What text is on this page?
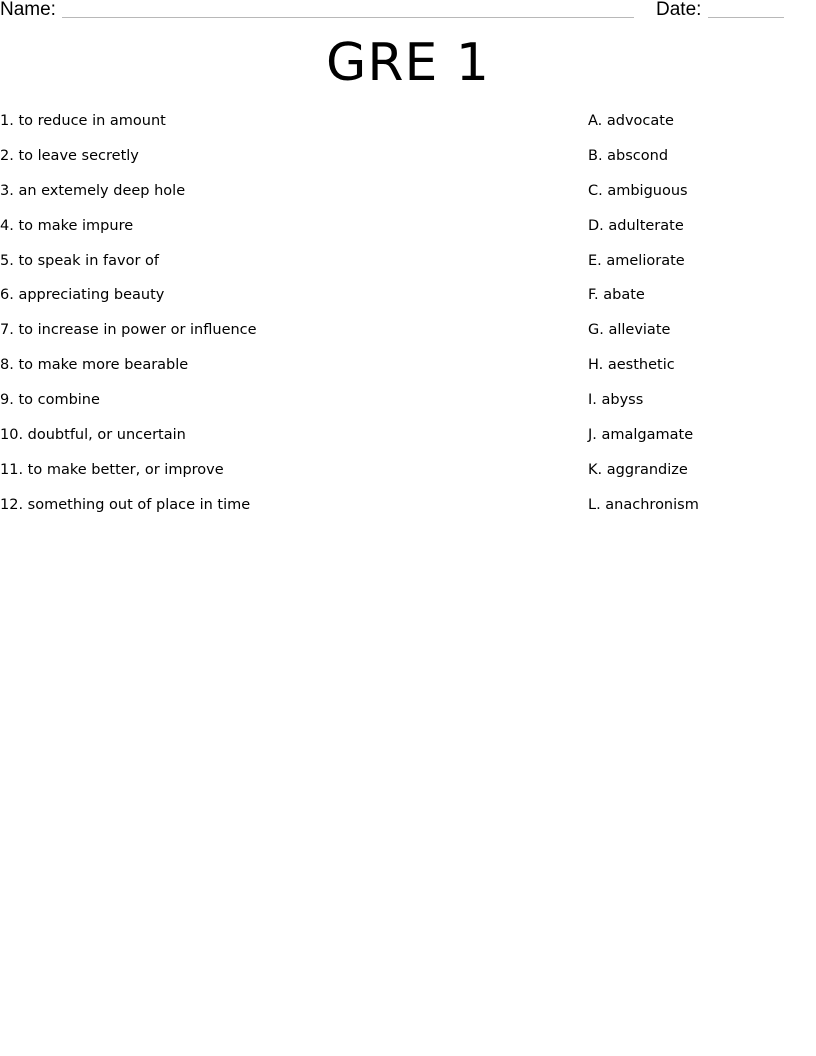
Name:	Date:
GRE 1
1. to reduce in amount	A. advocate
2. to leave secretly	B. abscond
3. an extemely deep hole	C. ambiguous
4. to make impure	D. adulterate
5. to speak in favor of	E. ameliorate
6. appreciating beauty	F. abate
7. to increase in power or influence	G. alleviate
8. to make more bearable	H. aesthetic
9. to combine	I. abyss
10. doubtful, or uncertain	J. amalgamate
11. to make better, or improve	K. aggrandize
12. something out of place in time	L. anachronism
